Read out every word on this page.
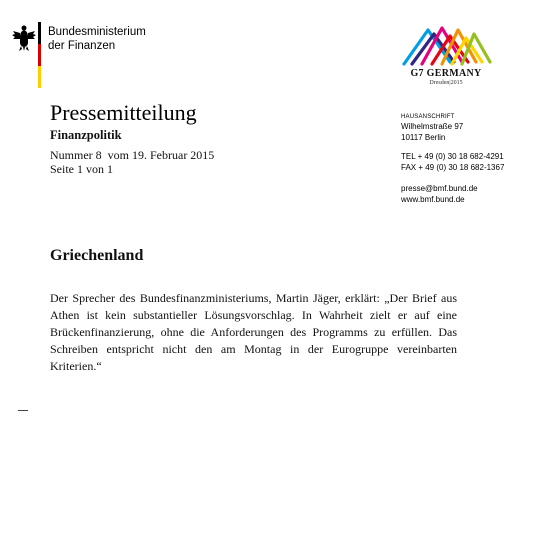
Bundesministerium
der Finanzen
G7 GERMANY
Dresden|2015
Pressemitteilung
Finanzpolitik
Nummer 8  vom 19. Februar 2015
Seite 1 von 1
HAUSANSCHRIFT
Wilhelmstraße 97
10117 Berlin
TEL + 49 (0) 30 18 682-4291
FAX + 49 (0) 30 18 682-1367
presse@bmf.bund.de
www.bmf.bund.de
Griechenland
Der Sprecher des Bundesfinanzministeriums, Martin Jäger, erklärt: „Der Brief aus Athen ist kein substantieller Lösungsvorschlag. In Wahrheit zielt er auf eine Brückenfinanzierung, ohne die Anforderungen des Programms zu erfüllen. Das Schreiben entspricht nicht den am Montag in der Eurogruppe vereinbarten Kriterien.“
